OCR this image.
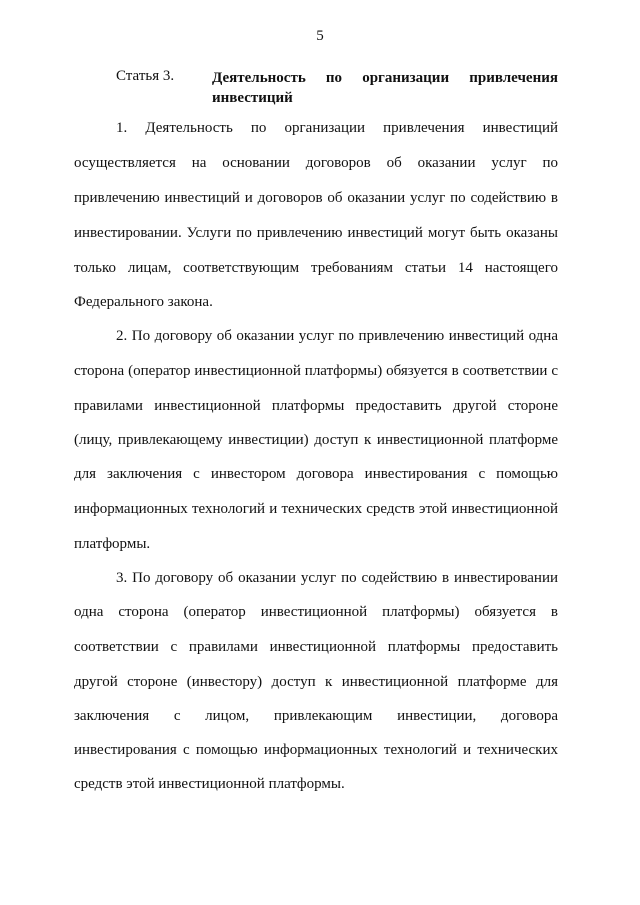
5
Статья 3.	Деятельность по организации привлечения инвестиций
1. Деятельность по организации привлечения инвестиций
осуществляется на основании договоров об оказании услуг по
привлечению инвестиций и договоров об оказании услуг по содействию в
инвестировании. Услуги по привлечению инвестиций могут быть оказаны
только лицам, соответствующим требованиям статьи 14 настоящего
Федерального закона.
2. По договору об оказании услуг по привлечению инвестиций одна
сторона (оператор инвестиционной платформы) обязуется в соответствии с
правилами инвестиционной платформы предоставить другой стороне
(лицу, привлекающему инвестиции) доступ к инвестиционной платформе
для заключения с инвестором договора инвестирования с помощью
информационных технологий и технических средств этой инвестиционной
платформы.
3. По договору об оказании услуг по содействию в инвестировании
одна сторона (оператор инвестиционной платформы) обязуется в
соответствии с правилами инвестиционной платформы предоставить
другой стороне (инвестору) доступ к инвестиционной платформе для
заключения с лицом, привлекающим инвестиции, договора
инвестирования с помощью информационных технологий и технических
средств этой инвестиционной платформы.
